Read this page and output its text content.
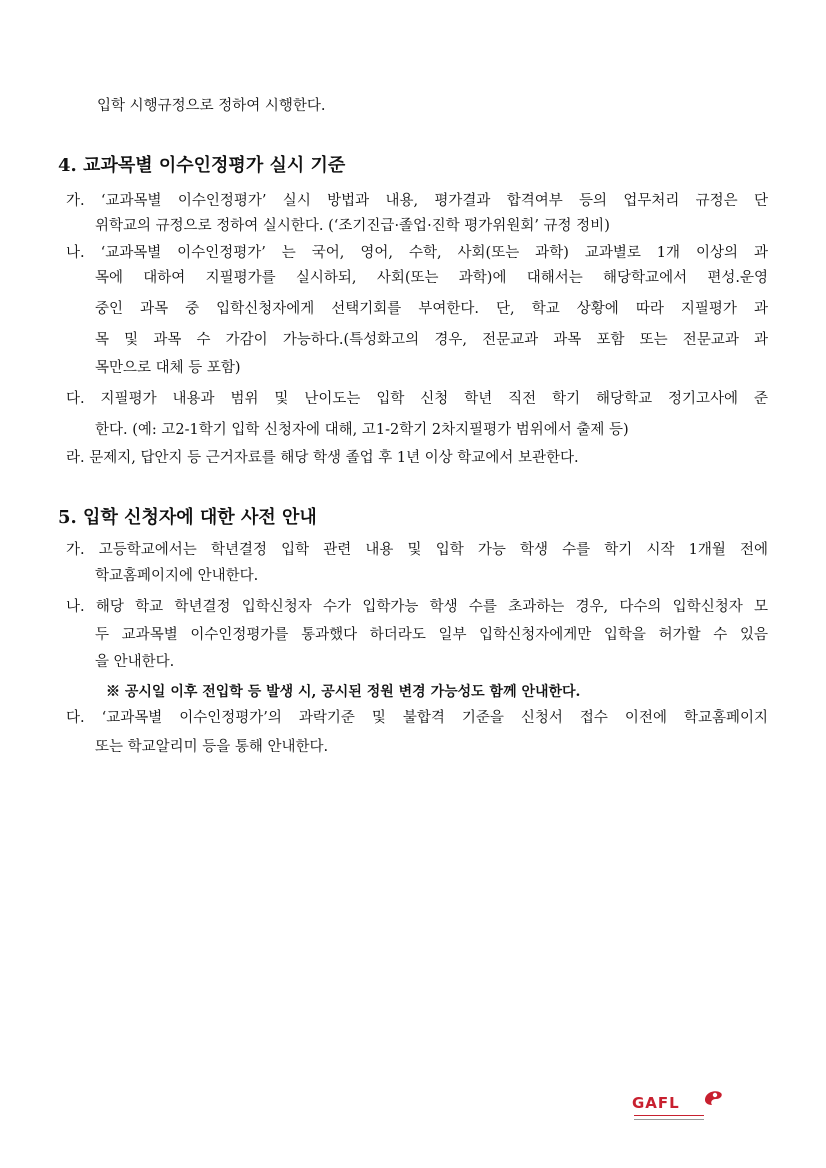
입학 시행규정으로 정하여 시행한다.
4. 교과목별 이수인정평가 실시 기준
가. ‘교과목별 이수인정평가’ 실시 방법과 내용, 평가결과 합격여부 등의 업무처리 규정은 단
위학교의 규정으로 정하여 실시한다. (‘조기진급·졸업·진학 평가위원회’ 규정 정비)
나. ‘교과목별 이수인정평가’ 는 국어, 영어, 수학, 사회(또는 과학) 교과별로 1개 이상의 과
목에 대하여 지필평가를 실시하되, 사회(또는 과학)에 대해서는 해당학교에서 편성.운영
중인 과목 중 입학신청자에게 선택기회를 부여한다. 단, 학교 상황에 따라 지필평가 과
목 및 과목 수 가감이 가능하다.(특성화고의 경우, 전문교과 과목 포함 또는 전문교과 과
목만으로 대체 등 포함)
다. 지필평가 내용과 범위 및 난이도는 입학 신청 학년 직전 학기 해당학교 정기고사에 준
한다. (예: 고2-1학기 입학 신청자에 대해, 고1-2학기 2차지필평가 범위에서 출제 등)
라. 문제지, 답안지 등 근거자료를 해당 학생 졸업 후 1년 이상 학교에서 보관한다.
5. 입학 신청자에 대한 사전 안내
가. 고등학교에서는 학년결정 입학 관련 내용 및 입학 가능 학생 수를 학기 시작 1개월 전에
학교홈페이지에 안내한다.
나. 해당 학교 학년결정 입학신청자 수가 입학가능 학생 수를 초과하는 경우, 다수의 입학신청자 모
두 교과목별 이수인정평가를 통과했다 하더라도 일부 입학신청자에게만 입학을 허가할 수 있음
을 안내한다.
※ 공시일 이후 전입학 등 발생 시, 공시된 정원 변경 가능성도 함께 안내한다.
다. ‘교과목별 이수인정평가’의 과락기준 및 불합격 기준을 신청서 접수 이전에 학교홈페이지
또는 학교알리미 등을 통해 안내한다.
GAFL
